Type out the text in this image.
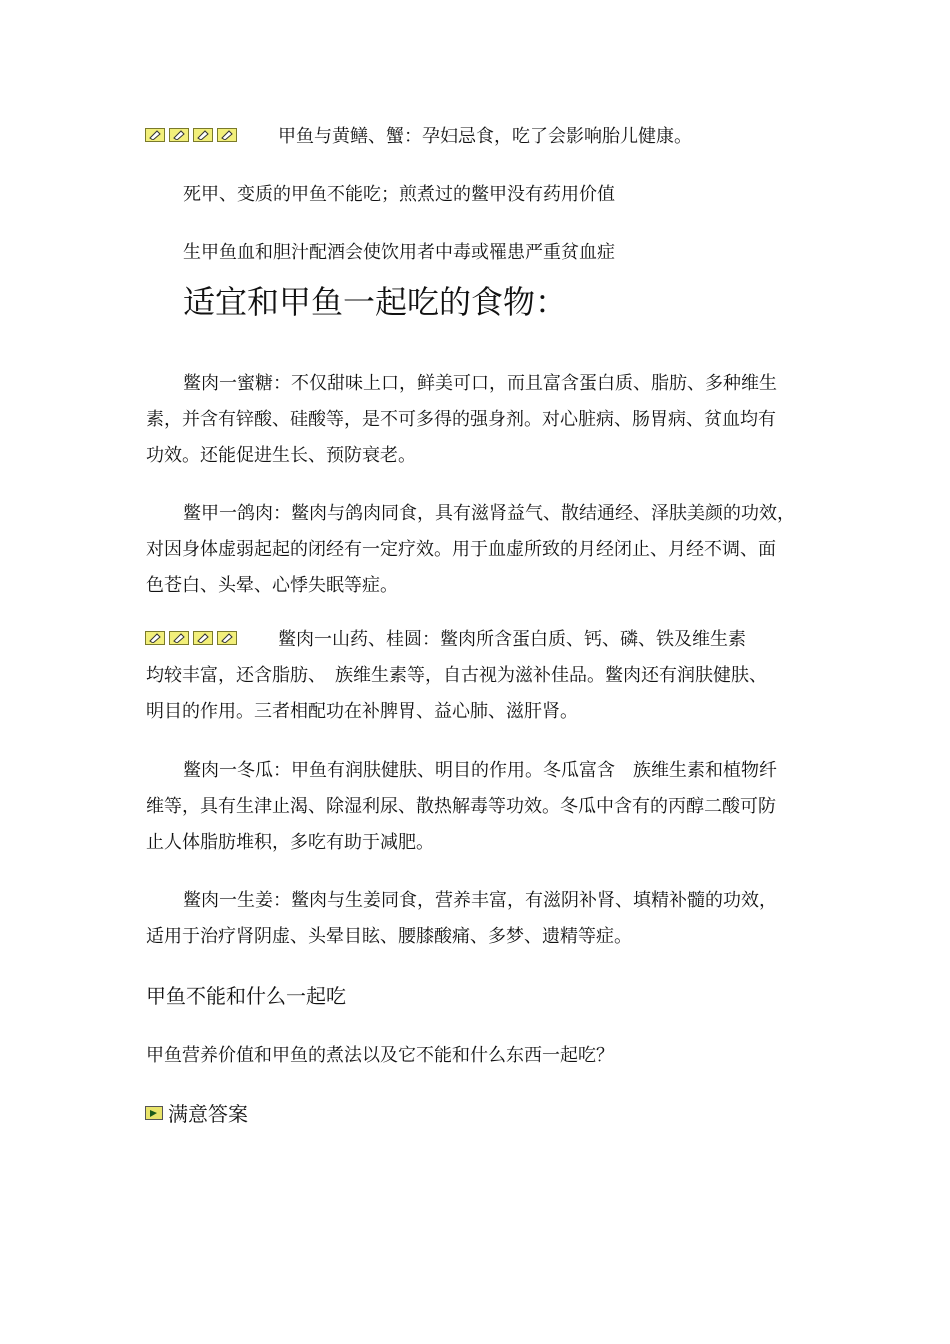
甲鱼与黄鳝、蟹：孕妇忌食，吃了会影响胎儿健康。
死甲、变质的甲鱼不能吃；煎煮过的鳖甲没有药用价值
生甲鱼血和胆汁配酒会使饮用者中毒或罹患严重贫血症
适宜和甲鱼一起吃的食物：
鳖肉一蜜糖：不仅甜味上口，鲜美可口，而且富含蛋白质、脂肪、多种维生
素，并含有锌酸、硅酸等，是不可多得的强身剂。对心脏病、肠胃病、贫血均有
功效。还能促进生长、预防衰老。
鳖甲一鸽肉：鳖肉与鸽肉同食，具有滋肾益气、散结通经、泽肤美颜的功效，
对因身体虚弱起起的闭经有一定疗效。用于血虚所致的月经闭止、月经不调、面
色苍白、头晕、心悸失眠等症。
鳖肉一山药、桂圆：鳖肉所含蛋白质、钙、磷、铁及维生素
均较丰富，还含脂肪、　族维生素等，自古视为滋补佳品。鳖肉还有润肤健肤、
明目的作用。三者相配功在补脾胃、益心肺、滋肝肾。
鳖肉一冬瓜：甲鱼有润肤健肤、明目的作用。冬瓜富含　族维生素和植物纤
维等，具有生津止渴、除湿利尿、散热解毒等功效。冬瓜中含有的丙醇二酸可防
止人体脂肪堆积，多吃有助于减肥。
鳖肉一生姜：鳖肉与生姜同食，营养丰富，有滋阴补肾、填精补髓的功效，
适用于治疗肾阴虚、头晕目眩、腰膝酸痛、多梦、遗精等症。
甲鱼不能和什么一起吃
甲鱼营养价值和甲鱼的煮法以及它不能和什么东西一起吃？
满意答案
